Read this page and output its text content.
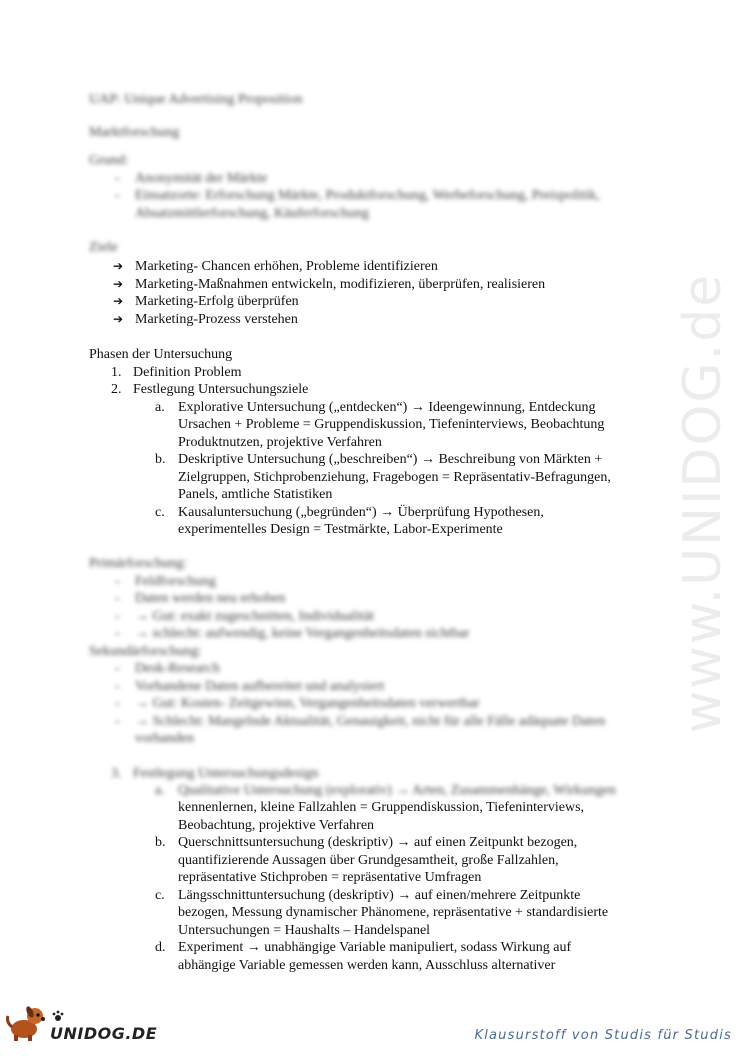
www.UNIDOG.de
UAP: Unique Advertising Proposition
Marktforschung
Grund:
- Anonymität der Märkte
- Einsatzorte: Erforschung Märkte, Produktforschung, Werbeforschung, Preispolitik,
Absatzmittlerforschung, Käuferforschung
Ziele
➔ Marketing- Chancen erhöhen, Probleme identifizieren
➔ Marketing-Maßnahmen entwickeln, modifizieren, überprüfen, realisieren
➔ Marketing-Erfolg überprüfen
➔ Marketing-Prozess verstehen
Phasen der Untersuchung
1. Definition Problem
2. Festlegung Untersuchungsziele
a. Explorative Untersuchung („entdecken“) → Ideengewinnung, Entdeckung
Ursachen + Probleme = Gruppendiskussion, Tiefeninterviews, Beobachtung
Produktnutzen, projektive Verfahren
b. Deskriptive Untersuchung („beschreiben“) → Beschreibung von Märkten +
Zielgruppen, Stichprobenziehung, Fragebogen = Repräsentativ-Befragungen,
Panels, amtliche Statistiken
c. Kausaluntersuchung („begründen“) → Überprüfung Hypothesen,
experimentelles Design = Testmärkte, Labor-Experimente
Primärforschung:
- Feldforschung
- Daten werden neu erhoben
- → Gut: exakt zugeschnitten, Individualität
- → schlecht: aufwendig, keine Vergangenheitsdaten sichtbar
Sekundärforschung:
- Desk-Research
- Vorhandene Daten aufbereitet und analysiert
- → Gut: Kosten- Zeitgewinn, Vergangenheitsdaten verwertbar
- → Schlecht: Mangelnde Aktualität, Genauigkeit, nicht für alle Fälle adäquate Daten
vorhanden
3. Festlegung Untersuchungsdesign
a. Qualitative Untersuchung (explorativ) → Arten, Zusammenhänge, Wirkungen
kennenlernen, kleine Fallzahlen = Gruppendiskussion, Tiefeninterviews,
Beobachtung, projektive Verfahren
b. Querschnittsuntersuchung (deskriptiv) → auf einen Zeitpunkt bezogen,
quantifizierende Aussagen über Grundgesamtheit, große Fallzahlen,
repräsentative Stichproben = repräsentative Umfragen
c. Längsschnittuntersuchung (deskriptiv) → auf einen/mehrere Zeitpunkte
bezogen, Messung dynamischer Phänomene, repräsentative + standardisierte
Untersuchungen = Haushalts – Handelspanel
d. Experiment → unabhängige Variable manipuliert, sodass Wirkung auf
abhängige Variable gemessen werden kann, Ausschluss alternativer
UNIDOG.DE	Klausurstoff von Studis für Studis
